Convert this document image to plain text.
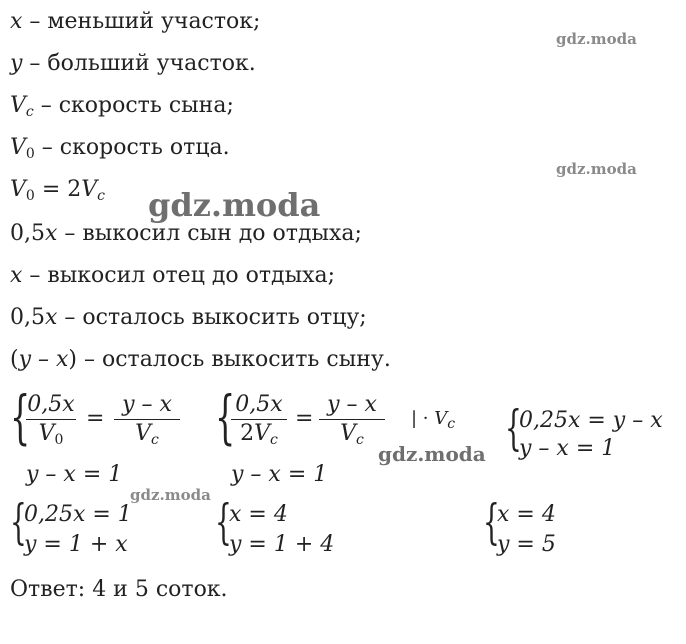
x – меньший участок;
y – больший участок.
$V_c$ – скорость сына;
$V_0$ – скорость отца.
$V_0 = 2V_c$
0,5x – выкосил сын до отдыха;
x – выкосил отец до отдыха;
0,5x – осталось выкосить отцу;
(y – x) – осталось выкосить сыну.
{
0,5x
$V_0$
=
y – x
$V_c$
y – x = 1
{ 0,5x
$2V_c$
=
y – x
$V_c$
y – x = 1
| · $V_c$ {
0,25x = y – x
y – x = 1
{
0,25x = 1
y = 1 + x {
x = 4
y = 1 + 4	{
x = 4
y = 5
Ответ: 4 и 5 соток.
gdz.moda
gdz.moda
gdz.moda
gdz.moda
gdz.moda
